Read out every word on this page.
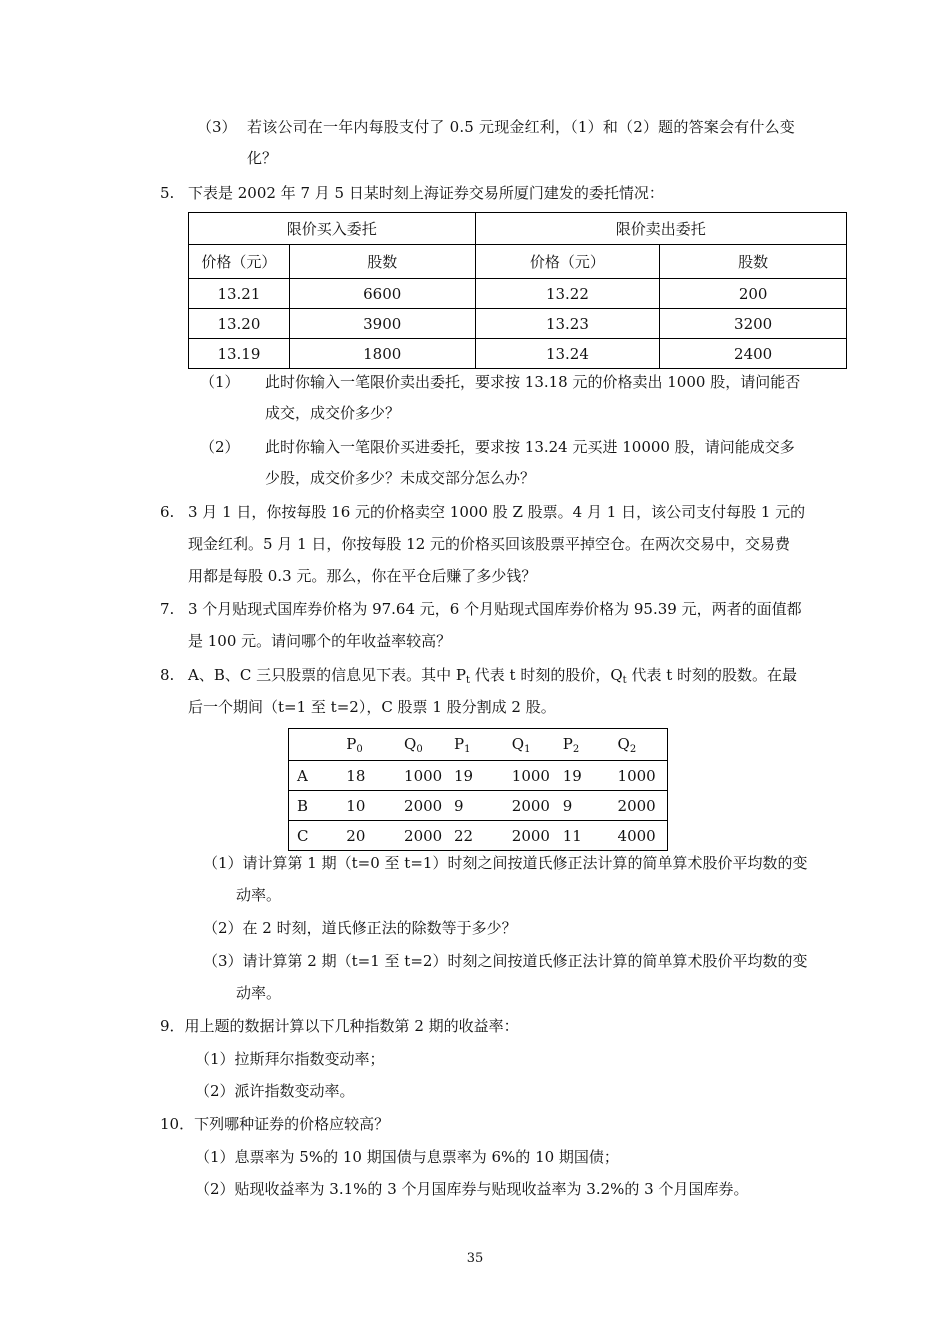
（3） 若该公司在一年内每股支付了 0.5 元现金红利，（1）和（2）题的答案会有什么变
化？
5. 下表是 2002 年 7 月 5 日某时刻上海证券交易所厦门建发的委托情况：
限价买入委托		限价卖出委托	
价格（元）	股数	价格（元）	股数
13.21	6600	13.22	200
13.20	3900	13.23	3200
13.19	1800	13.24	2400
（1） 此时你输入一笔限价卖出委托，要求按 13.18 元的价格卖出 1000 股，请问能否
成交，成交价多少？
（2） 此时你输入一笔限价买进委托，要求按 13.24 元买进 10000 股，请问能成交多
少股，成交价多少？未成交部分怎么办？
6. 3 月 1 日，你按每股 16 元的价格卖空 1000 股 Z 股票。4 月 1 日，该公司支付每股 1 元的
现金红利。5 月 1 日，你按每股 12 元的价格买回该股票平掉空仓。在两次交易中，交易费
用都是每股 0.3 元。那么，你在平仓后赚了多少钱？
7. 3 个月贴现式国库券价格为 97.64 元，6 个月贴现式国库券价格为 95.39 元，两者的面值都
是 100 元。请问哪个的年收益率较高？
8. A、B、C 三只股票的信息见下表。其中 $P_t$ 代表 t 时刻的股价，$Q_t$ 代表 t 时刻的股数。在最
后一个期间（t=1 至 t=2），C 股票 1 股分割成 2 股。
	$P_0$	$Q_0$	$P_1$	$Q_1$	$P_2$	$Q_2$
A	18	1000	19	1000	19	1000
B	10	2000	9	2000	9	2000
C	20	2000	22	2000	11	4000
（1）请计算第 1 期（t=0 至 t=1）时刻之间按道氏修正法计算的简单算术股价平均数的变
动率。
（2）在 2 时刻，道氏修正法的除数等于多少？
（3）请计算第 2 期（t=1 至 t=2）时刻之间按道氏修正法计算的简单算术股价平均数的变
动率。
9．用上题的数据计算以下几种指数第 2 期的收益率：
（1）拉斯拜尔指数变动率；
（2）派许指数变动率。
10．下列哪种证券的价格应较高？
（1）息票率为 5%的 10 期国债与息票率为 6%的 10 期国债；
（2）贴现收益率为 3.1%的 3 个月国库券与贴现收益率为 3.2%的 3 个月国库券。
35
